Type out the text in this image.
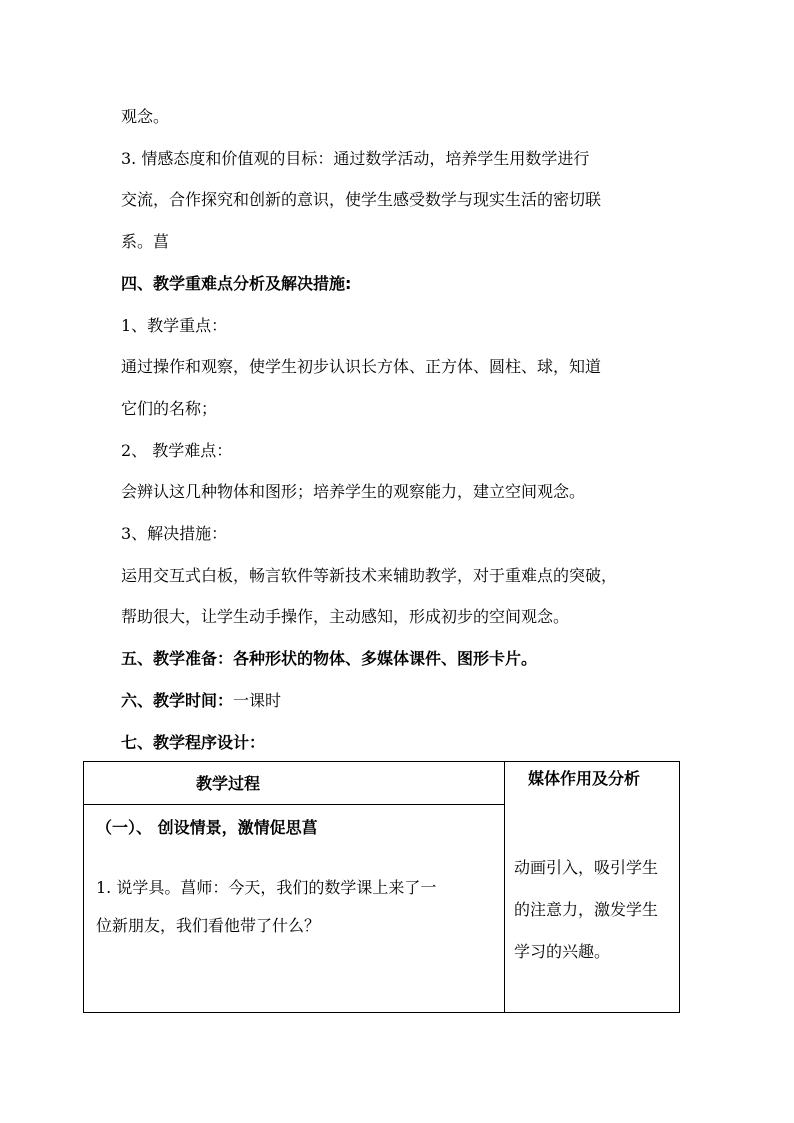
观念。
3. 情感态度和价值观的目标：通过数学活动，培养学生用数学进行
交流，合作探究和创新的意识，使学生感受数学与现实生活的密切联
系。菖
四、教学重难点分析及解决措施:
1、教学重点：
通过操作和观察，使学生初步认识长方体、正方体、圆柱、球，知道
它们的名称；
2、 教学难点：
会辨认这几种物体和图形；培养学生的观察能力，建立空间观念。
3、解决措施：
运用交互式白板，畅言软件等新技术来辅助教学，对于重难点的突破，
帮助很大，让学生动手操作，主动感知，形成初步的空间观念。
五、教学准备：各种形状的物体、多媒体课件、图形卡片。
六、教学时间：一课时
七、教学程序设计：
教学过程	媒体作用及分析
（一）、 创设情景，激情促思菖
1. 说学具。菖师：今天，我们的数学课上来了一
位新朋友，我们看他带了什么？
动画引入，吸引学生
的注意力，激发学生
学习的兴趣。
